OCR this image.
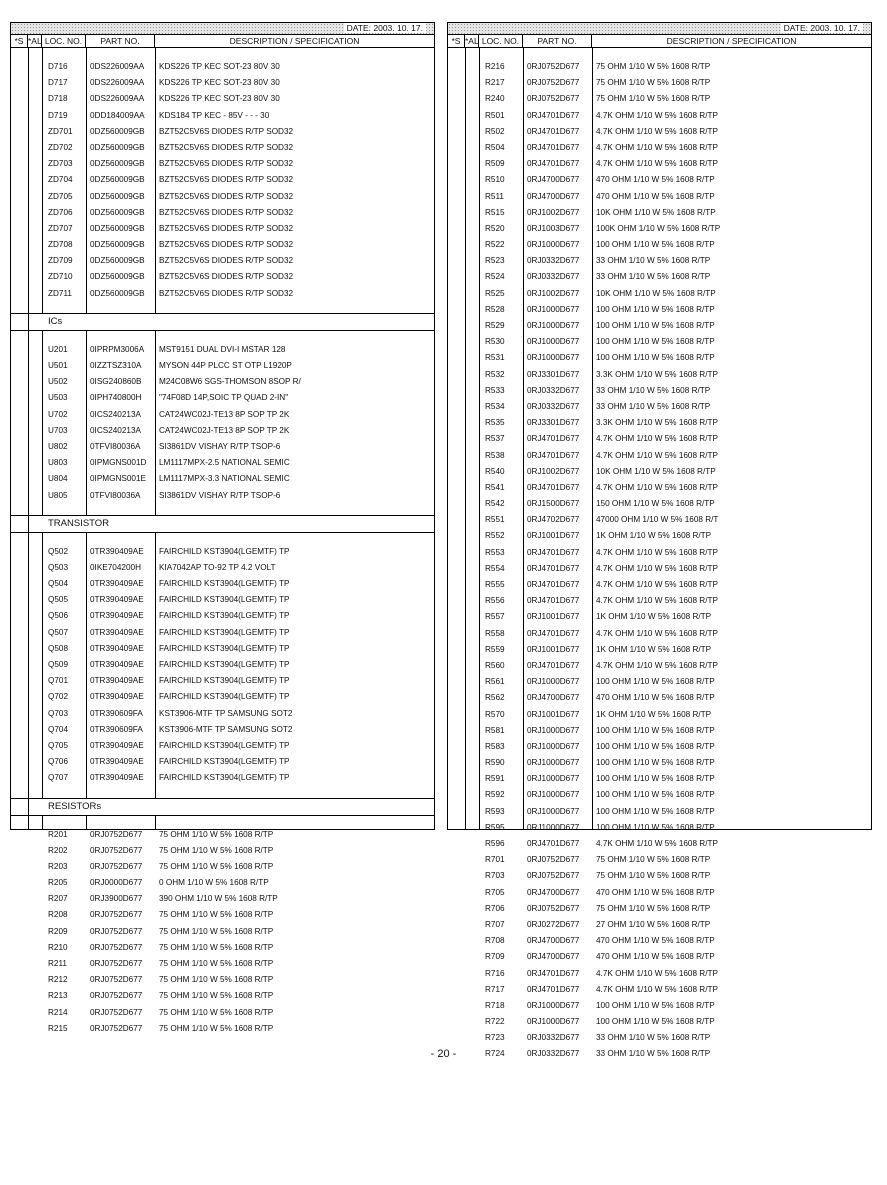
DATE: 2003. 10. 17.
*S *AL LOC. NO.	PART NO.	DESCRIPTION / SPECIFICATION
D716	0DS226009AA	KDS226 TP KEC SOT-23 80V 30
D717	0DS226009AA	KDS226 TP KEC SOT-23 80V 30
D718	0DS226009AA	KDS226 TP KEC SOT-23 80V 30
D719	0DD184009AA	KDS184 TP KEC - 85V - - - 30
ZD701	0DZ560009GB	BZT52C5V6S DIODES R/TP SOD32
ZD702	0DZ560009GB	BZT52C5V6S DIODES R/TP SOD32
ZD703	0DZ560009GB	BZT52C5V6S DIODES R/TP SOD32
ZD704	0DZ560009GB	BZT52C5V6S DIODES R/TP SOD32
ZD705	0DZ560009GB	BZT52C5V6S DIODES R/TP SOD32
ZD706	0DZ560009GB	BZT52C5V6S DIODES R/TP SOD32
ZD707	0DZ560009GB	BZT52C5V6S DIODES R/TP SOD32
ZD708	0DZ560009GB	BZT52C5V6S DIODES R/TP SOD32
ZD709	0DZ560009GB	BZT52C5V6S DIODES R/TP SOD32
ZD710	0DZ560009GB	BZT52C5V6S DIODES R/TP SOD32
ZD711	0DZ560009GB	BZT52C5V6S DIODES R/TP SOD32
ICs
U201	0IPRPM3006A	MST9151 DUAL DVI-I MSTAR 128
U501	0IZZTSZ310A	MYSON 44P PLCC ST OTP L1920P
U502	0ISG240860B	M24C08W6 SGS-THOMSON 8SOP R/
U503	0IPH740800H	"74F08D 14P,SOIC TP QUAD 2-IN"
U702	0ICS240213A	CAT24WC02J-TE13 8P SOP TP 2K
U703	0ICS240213A	CAT24WC02J-TE13 8P SOP TP 2K
U802	0TFVI80036A	SI3861DV VISHAY R/TP TSOP-6
U803	0IPMGNS001D	LM1117MPX-2.5 NATIONAL SEMIC
U804	0IPMGNS001E	LM1117MPX-3.3 NATIONAL SEMIC
U805	0TFVI80036A	SI3861DV VISHAY R/TP TSOP-6
TRANSISTOR
Q502	0TR390409AE	FAIRCHILD KST3904(LGEMTF) TP
Q503	0IKE704200H	KIA7042AP TO-92 TP 4.2 VOLT
Q504	0TR390409AE	FAIRCHILD KST3904(LGEMTF) TP
Q505	0TR390409AE	FAIRCHILD KST3904(LGEMTF) TP
Q506	0TR390409AE	FAIRCHILD KST3904(LGEMTF) TP
Q507	0TR390409AE	FAIRCHILD KST3904(LGEMTF) TP
Q508	0TR390409AE	FAIRCHILD KST3904(LGEMTF) TP
Q509	0TR390409AE	FAIRCHILD KST3904(LGEMTF) TP
Q701	0TR390409AE	FAIRCHILD KST3904(LGEMTF) TP
Q702	0TR390409AE	FAIRCHILD KST3904(LGEMTF) TP
Q703	0TR390609FA	KST3906-MTF TP SAMSUNG SOT2
Q704	0TR390609FA	KST3906-MTF TP SAMSUNG SOT2
Q705	0TR390409AE	FAIRCHILD KST3904(LGEMTF) TP
Q706	0TR390409AE	FAIRCHILD KST3904(LGEMTF) TP
Q707	0TR390409AE	FAIRCHILD KST3904(LGEMTF) TP
RESISTORs
R201	0RJ0752D677	75 OHM 1/10 W 5% 1608 R/TP
R202	0RJ0752D677	75 OHM 1/10 W 5% 1608 R/TP
R203	0RJ0752D677	75 OHM 1/10 W 5% 1608 R/TP
R205	0RJ0000D677	0 OHM 1/10 W 5% 1608 R/TP
R207	0RJ3900D677	390 OHM 1/10 W 5% 1608 R/TP
R208	0RJ0752D677	75 OHM 1/10 W 5% 1608 R/TP
R209	0RJ0752D677	75 OHM 1/10 W 5% 1608 R/TP
R210	0RJ0752D677	75 OHM 1/10 W 5% 1608 R/TP
R211	0RJ0752D677	75 OHM 1/10 W 5% 1608 R/TP
R212	0RJ0752D677	75 OHM 1/10 W 5% 1608 R/TP
R213	0RJ0752D677	75 OHM 1/10 W 5% 1608 R/TP
R214	0RJ0752D677	75 OHM 1/10 W 5% 1608 R/TP
R215	0RJ0752D677	75 OHM 1/10 W 5% 1608 R/TP
DATE: 2003. 10. 17.
*S *AL LOC. NO.	PART NO.	DESCRIPTION / SPECIFICATION
R216	0RJ0752D677	75 OHM 1/10 W 5% 1608 R/TP
R217	0RJ0752D677	75 OHM 1/10 W 5% 1608 R/TP
R240	0RJ0752D677	75 OHM 1/10 W 5% 1608 R/TP
R501	0RJ4701D677	4.7K OHM 1/10 W 5% 1608 R/TP
R502	0RJ4701D677	4.7K OHM 1/10 W 5% 1608 R/TP
R504	0RJ4701D677	4.7K OHM 1/10 W 5% 1608 R/TP
R509	0RJ4701D677	4.7K OHM 1/10 W 5% 1608 R/TP
R510	0RJ4700D677	470 OHM 1/10 W 5% 1608 R/TP
R511	0RJ4700D677	470 OHM 1/10 W 5% 1608 R/TP
R515	0RJ1002D677	10K OHM 1/10 W 5% 1608 R/TP
R520	0RJ1003D677	100K OHM 1/10 W 5% 1608 R/TP
R522	0RJ1000D677	100 OHM 1/10 W 5% 1608 R/TP
R523	0RJ0332D677	33 OHM 1/10 W 5% 1608 R/TP
R524	0RJ0332D677	33 OHM 1/10 W 5% 1608 R/TP
R525	0RJ1002D677	10K OHM 1/10 W 5% 1608 R/TP
R528	0RJ1000D677	100 OHM 1/10 W 5% 1608 R/TP
R529	0RJ1000D677	100 OHM 1/10 W 5% 1608 R/TP
R530	0RJ1000D677	100 OHM 1/10 W 5% 1608 R/TP
R531	0RJ1000D677	100 OHM 1/10 W 5% 1608 R/TP
R532	0RJ3301D677	3.3K OHM 1/10 W 5% 1608 R/TP
R533	0RJ0332D677	33 OHM 1/10 W 5% 1608 R/TP
R534	0RJ0332D677	33 OHM 1/10 W 5% 1608 R/TP
R535	0RJ3301D677	3.3K OHM 1/10 W 5% 1608 R/TP
R537	0RJ4701D677	4.7K OHM 1/10 W 5% 1608 R/TP
R538	0RJ4701D677	4.7K OHM 1/10 W 5% 1608 R/TP
R540	0RJ1002D677	10K OHM 1/10 W 5% 1608 R/TP
R541	0RJ4701D677	4.7K OHM 1/10 W 5% 1608 R/TP
R542	0RJ1500D677	150 OHM 1/10 W 5% 1608 R/TP
R551	0RJ4702D677	47000 OHM 1/10 W 5% 1608 R/T
R552	0RJ1001D677	1K OHM 1/10 W 5% 1608 R/TP
R553	0RJ4701D677	4.7K OHM 1/10 W 5% 1608 R/TP
R554	0RJ4701D677	4.7K OHM 1/10 W 5% 1608 R/TP
R555	0RJ4701D677	4.7K OHM 1/10 W 5% 1608 R/TP
R556	0RJ4701D677	4.7K OHM 1/10 W 5% 1608 R/TP
R557	0RJ1001D677	1K OHM 1/10 W 5% 1608 R/TP
R558	0RJ4701D677	4.7K OHM 1/10 W 5% 1608 R/TP
R559	0RJ1001D677	1K OHM 1/10 W 5% 1608 R/TP
R560	0RJ4701D677	4.7K OHM 1/10 W 5% 1608 R/TP
R561	0RJ1000D677	100 OHM 1/10 W 5% 1608 R/TP
R562	0RJ4700D677	470 OHM 1/10 W 5% 1608 R/TP
R570	0RJ1001D677	1K OHM 1/10 W 5% 1608 R/TP
R581	0RJ1000D677	100 OHM 1/10 W 5% 1608 R/TP
R583	0RJ1000D677	100 OHM 1/10 W 5% 1608 R/TP
R590	0RJ1000D677	100 OHM 1/10 W 5% 1608 R/TP
R591	0RJ1000D677	100 OHM 1/10 W 5% 1608 R/TP
R592	0RJ1000D677	100 OHM 1/10 W 5% 1608 R/TP
R593	0RJ1000D677	100 OHM 1/10 W 5% 1608 R/TP
R595	0RJ1000D677	100 OHM 1/10 W 5% 1608 R/TP
R596	0RJ4701D677	4.7K OHM 1/10 W 5% 1608 R/TP
R701	0RJ0752D677	75 OHM 1/10 W 5% 1608 R/TP
R703	0RJ0752D677	75 OHM 1/10 W 5% 1608 R/TP
R705	0RJ4700D677	470 OHM 1/10 W 5% 1608 R/TP
R706	0RJ0752D677	75 OHM 1/10 W 5% 1608 R/TP
R707	0RJ0272D677	27 OHM 1/10 W 5% 1608 R/TP
R708	0RJ4700D677	470 OHM 1/10 W 5% 1608 R/TP
R709	0RJ4700D677	470 OHM 1/10 W 5% 1608 R/TP
R716	0RJ4701D677	4.7K OHM 1/10 W 5% 1608 R/TP
R717	0RJ4701D677	4.7K OHM 1/10 W 5% 1608 R/TP
R718	0RJ1000D677	100 OHM 1/10 W 5% 1608 R/TP
R722	0RJ1000D677	100 OHM 1/10 W 5% 1608 R/TP
R723	0RJ0332D677	33 OHM 1/10 W 5% 1608 R/TP
R724	0RJ0332D677	33 OHM 1/10 W 5% 1608 R/TP
- 20 -
